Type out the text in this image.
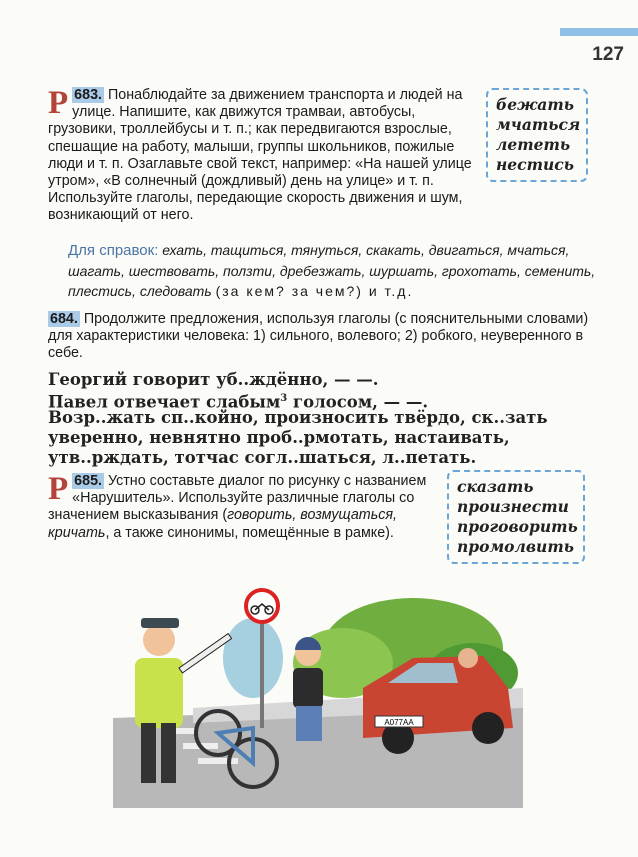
127
Р 683. Понаблюдайте за движением транспорта и людей на улице. Напишите, как движутся трамваи, автобусы, грузовики, троллейбусы и т. п.; как передвигаются взрослые, спешащие на работу, малыши, группы школьников, пожилые люди и т. п. Озаглавьте свой текст, например: «На нашей улице утром», «В солнечный (дождливый) день на улице» и т. п. Используйте глаголы, передающие скорость движения и шум, возникающий от него.
бежать
мчаться
лететь
нестись
Для справок: ехать, тащиться, тянуться, скакать, двигаться, мчаться, шагать, шествовать, ползти, дребезжать, шуршать, грохотать, семенить, плестись, следовать (за кем? за чем?) и т.д.
684. Продолжите предложения, используя глаголы (с пояснительными словами) для характеристики человека: 1) сильного, волевого; 2) робкого, неуверенного в себе.
Георгий говорит уб..ждённо, — —.
Павел отвечает слабым$^3$ голосом, — —.
Возр..жать сп..койно, произносить твёрдо, ск..зать уверенно, невнятно проб..рмотать, настаивать, утв..рждать, тотчас согл..шаться, л..петать.
Р 685. Устно составьте диалог по рисунку с названием «Нарушитель». Используйте различные глаголы со значением высказывания (говорить, возмущаться, кричать, а также синонимы, помещённые в рамке).
сказать
произнести
проговорить
промолвить
А077АА
